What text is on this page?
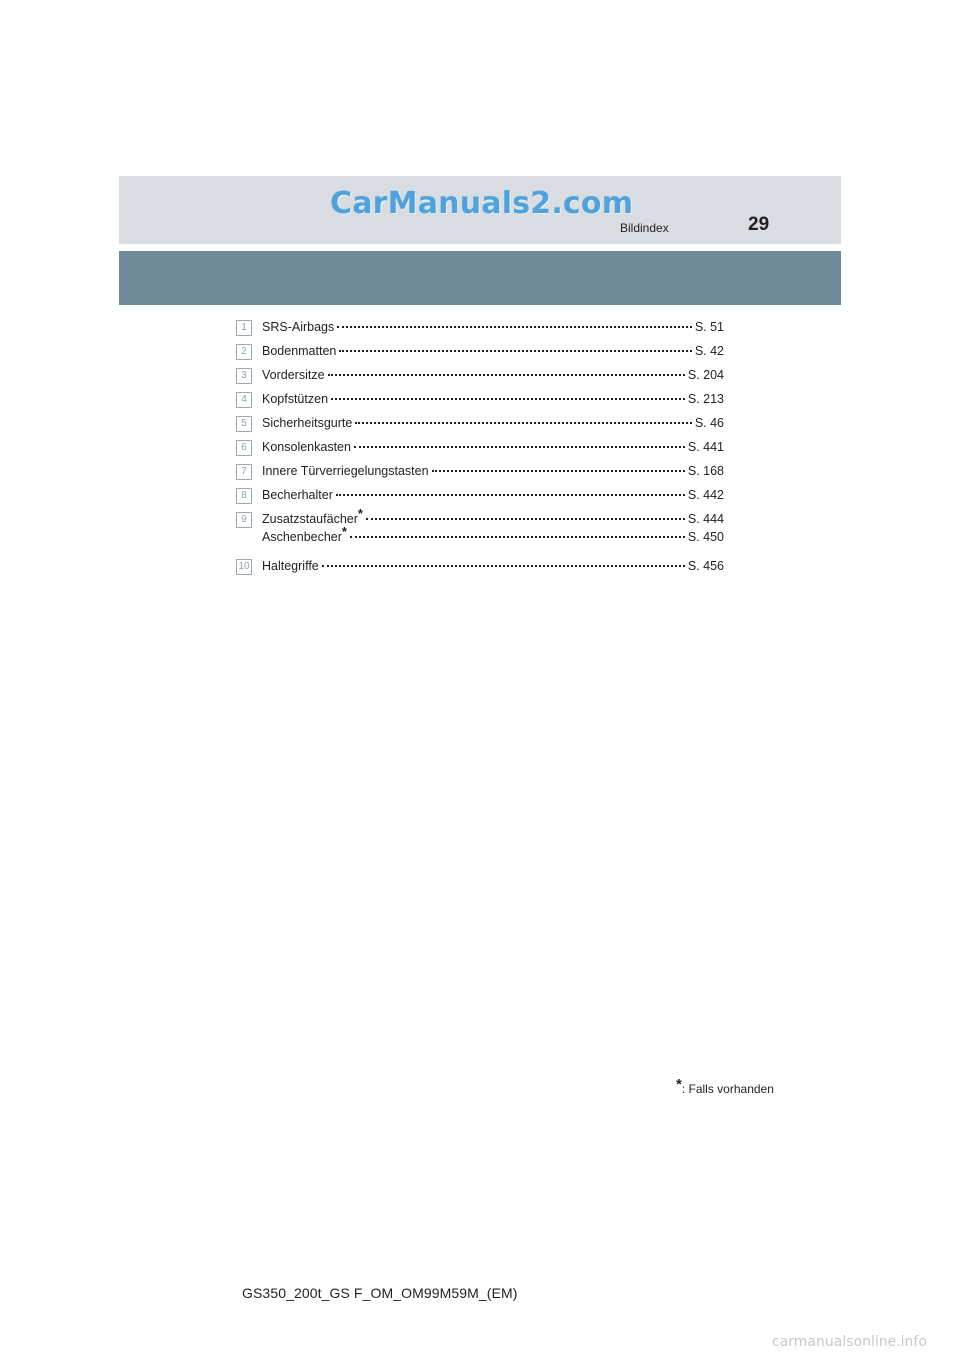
CarManuals2.com
Bildindex	29
1	SRS-Airbags	S. 51
2	Bodenmatten	S. 42
3	Vordersitze	S. 204
4	Kopfstützen	S. 213
5	Sicherheitsgurte	S. 46
6	Konsolenkasten	S. 441
7	Innere Türverriegelungstasten	S. 168
8	Becherhalter	S. 442
9	Zusatzstaufächer*	S. 444
Aschenbecher*	S. 450
10 Haltegriffe	S. 456
*: Falls vorhanden
GS350_200t_GS F_OM_OM99M59M_(EM)
carmanualsonline.info
